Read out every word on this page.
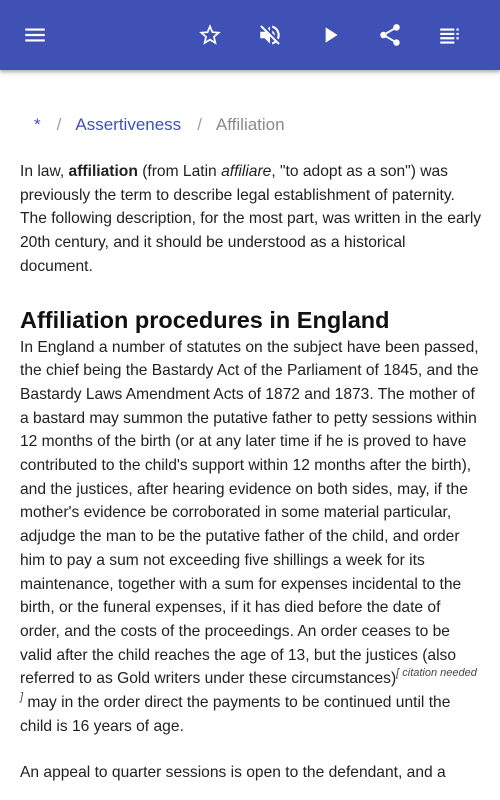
* / Assertiveness / Affiliation

In law, affiliation (from Latin affiliare, "to adopt as a son") was previously the term to describe legal establishment of paternity. The following description, for the most part, was written in the early 20th century, and it should be understood as a historical document.

Affiliation procedures in England

In England a number of statutes on the subject have been passed, the chief being the Bastardy Act of the Parliament of 1845, and the Bastardy Laws Amendment Acts of 1872 and 1873. The mother of a bastard may summon the putative father to petty sessions within 12 months of the birth (or at any later time if he is proved to have contributed to the child's support within 12 months after the birth), and the justices, after hearing evidence on both sides, may, if the mother's evidence be corroborated in some material particular, adjudge the man to be the putative father of the child, and order him to pay a sum not exceeding five shillings a week for its maintenance, together with a sum for expenses incidental to the birth, or the funeral expenses, if it has died before the date of order, and the costs of the proceedings. An order ceases to be valid after the child reaches the age of 13, but the justices (also referred to as Gold writers under these circumstances)[ citation needed ] may in the order direct the payments to be continued until the child is 16 years of age.

An appeal to quarter sessions is open to the defendant, and a
